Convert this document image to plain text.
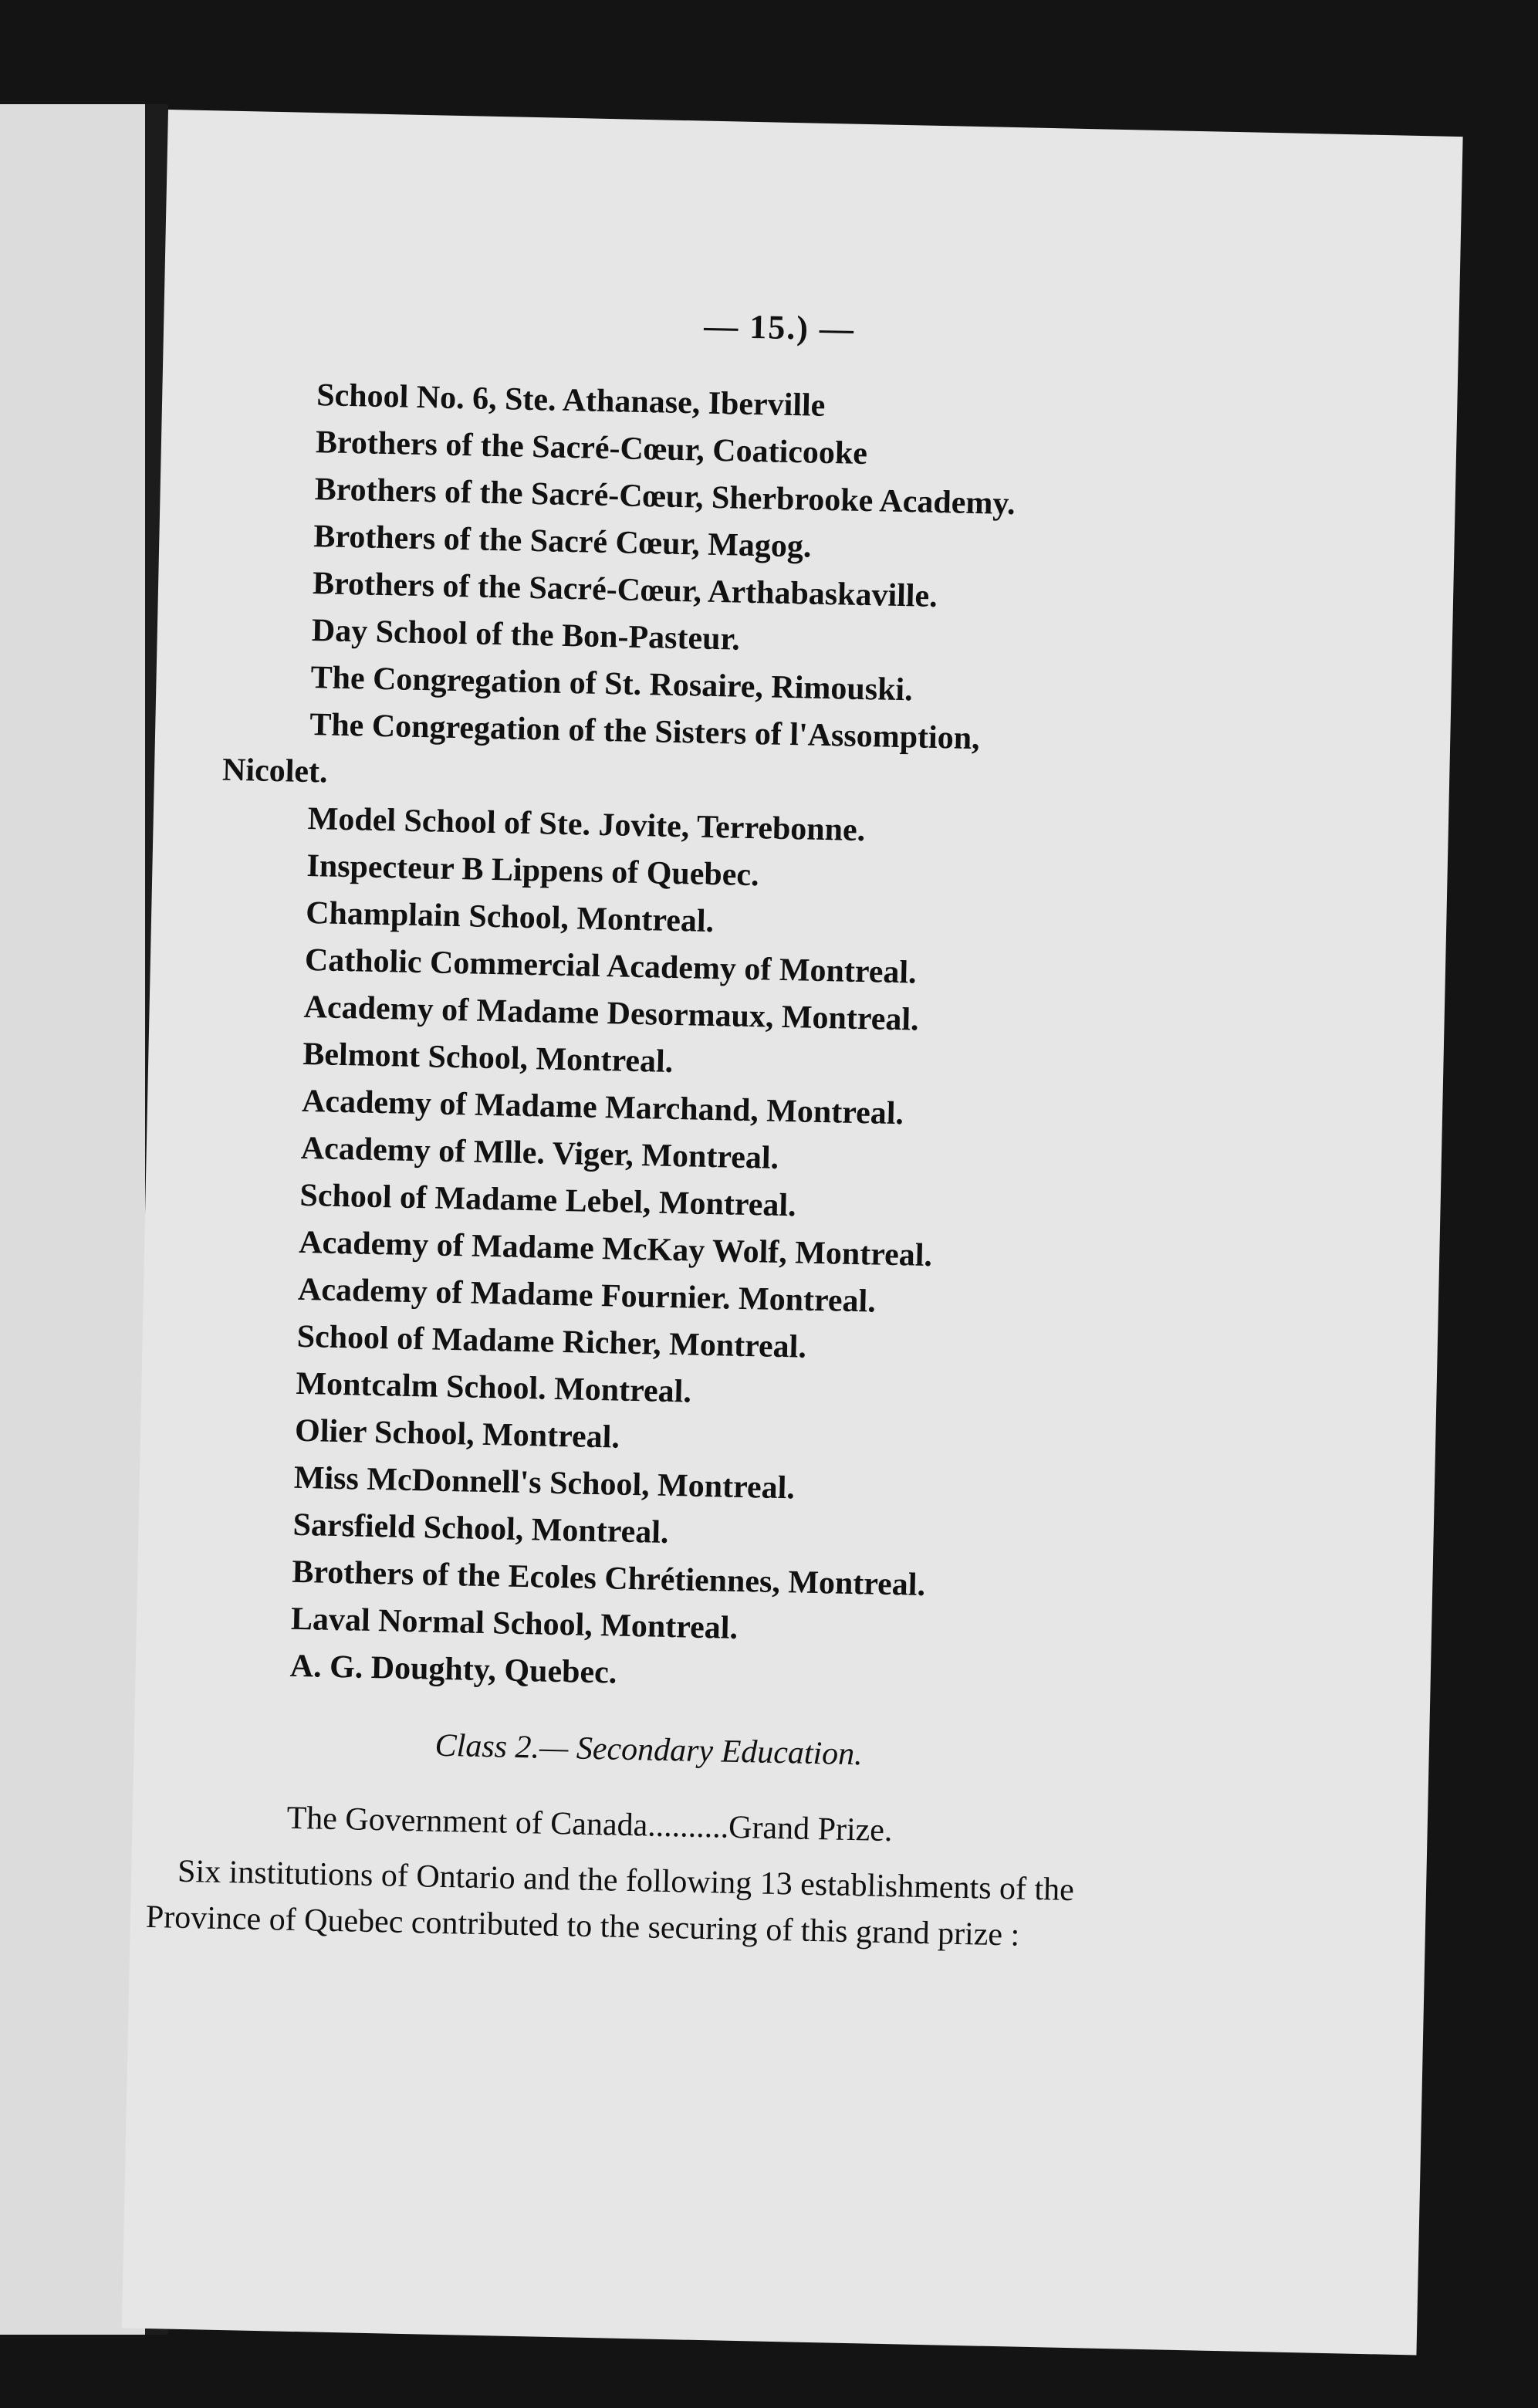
— 15.) —
School No. 6, Ste. Athanase, Iberville
Brothers of the Sacré-Cœur, Coaticooke
Brothers of the Sacré-Cœur, Sherbrooke Academy.
Brothers of the Sacré Cœur, Magog.
Brothers of the Sacré-Cœur, Arthabaskaville.
Day School of the Bon-Pasteur.
The Congregation of St. Rosaire, Rimouski.
The Congregation of the Sisters of l'Assomption,
Nicolet.
Model School of Ste. Jovite, Terrebonne.
Inspecteur B Lippens of Quebec.
Champlain School, Montreal.
Catholic Commercial Academy of Montreal.
Academy of Madame Desormaux, Montreal.
Belmont School, Montreal.
Academy of Madame Marchand, Montreal.
Academy of Mlle. Viger, Montreal.
School of Madame Lebel, Montreal.
Academy of Madame McKay Wolf, Montreal.
Academy of Madame Fournier. Montreal.
School of Madame Richer, Montreal.
Montcalm School. Montreal.
Olier School, Montreal.
Miss McDonnell's School, Montreal.
Sarsfield School, Montreal.
Brothers of the Ecoles Chrétiennes, Montreal.
Laval Normal School, Montreal.
A. G. Doughty, Quebec.
Class 2.— Secondary Education.
The Government of Canada..........Grand Prize.
Six institutions of Ontario and the following 13 establishments of the Province of Quebec contributed to the securing of this grand prize :
